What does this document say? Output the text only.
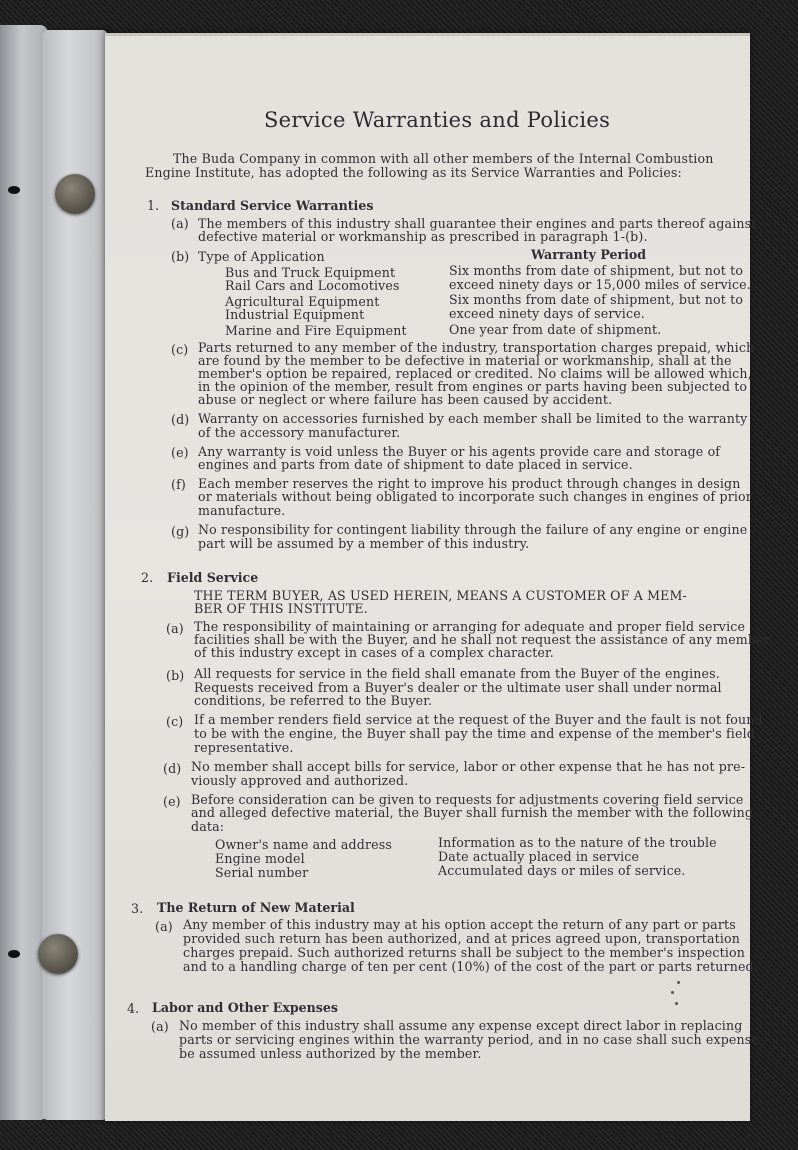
Service Warranties and Policies
The Buda Company in common with all other members of the Internal Combustion
Engine Institute, has adopted the following as its Service Warranties and Policies:
1. Standard Service Warranties
(a) The members of this industry shall guarantee their engines and parts thereof against
defective material or workmanship as prescribed in paragraph 1-(b).
(b) Type of Application	Warranty Period
Bus and Truck Equipment
Rail Cars and Locomotives
Agricultural Equipment
Industrial Equipment
Marine and Fire Equipment
Six months from date of shipment, but not to
exceed ninety days or 15,000 miles of service.
Six months from date of shipment, but not to
exceed ninety days of service.
One year from date of shipment.
(c) Parts returned to any member of the industry, transportation charges prepaid, which
are found by the member to be defective in material or workmanship, shall at the
member's option be repaired, replaced or credited. No claims will be allowed which,
in the opinion of the member, result from engines or parts having been subjected to
abuse or neglect or where failure has been caused by accident.
(d) Warranty on accessories furnished by each member shall be limited to the warranty
of the accessory manufacturer.
(e) Any warranty is void unless the Buyer or his agents provide care and storage of
engines and parts from date of shipment to date placed in service.
(f) Each member reserves the right to improve his product through changes in design
or materials without being obligated to incorporate such changes in engines of prior
manufacture.
(g) No responsibility for contingent liability through the failure of any engine or engine
part will be assumed by a member of this industry.
2. Field Service
THE TERM BUYER, AS USED HEREIN, MEANS A CUSTOMER OF A MEM-
BER OF THIS INSTITUTE.
(a) The responsibility of maintaining or arranging for adequate and proper field service
facilities shall be with the Buyer, and he shall not request the assistance of any member
of this industry except in cases of a complex character.
(b) All requests for service in the field shall emanate from the Buyer of the engines.
Requests received from a Buyer's dealer or the ultimate user shall under normal
conditions, be referred to the Buyer.
(c) If a member renders field service at the request of the Buyer and the fault is not found
to be with the engine, the Buyer shall pay the time and expense of the member's field
representative.
(d) No member shall accept bills for service, labor or other expense that he has not pre-
viously approved and authorized.
(e) Before consideration can be given to requests for adjustments covering field service
and alleged defective material, the Buyer shall furnish the member with the following
data:
Owner's name and address
Engine model
Serial number
Information as to the nature of the trouble
Date actually placed in service
Accumulated days or miles of service.
3. The Return of New Material
(a) Any member of this industry may at his option accept the return of any part or parts
provided such return has been authorized, and at prices agreed upon, transportation
charges prepaid. Such authorized returns shall be subject to the member's inspection
and to a handling charge of ten per cent (10%) of the cost of the part or parts returned.
4. Labor and Other Expenses
(a) No member of this industry shall assume any expense except direct labor in replacing
parts or servicing engines within the warranty period, and in no case shall such expense
be assumed unless authorized by the member.
